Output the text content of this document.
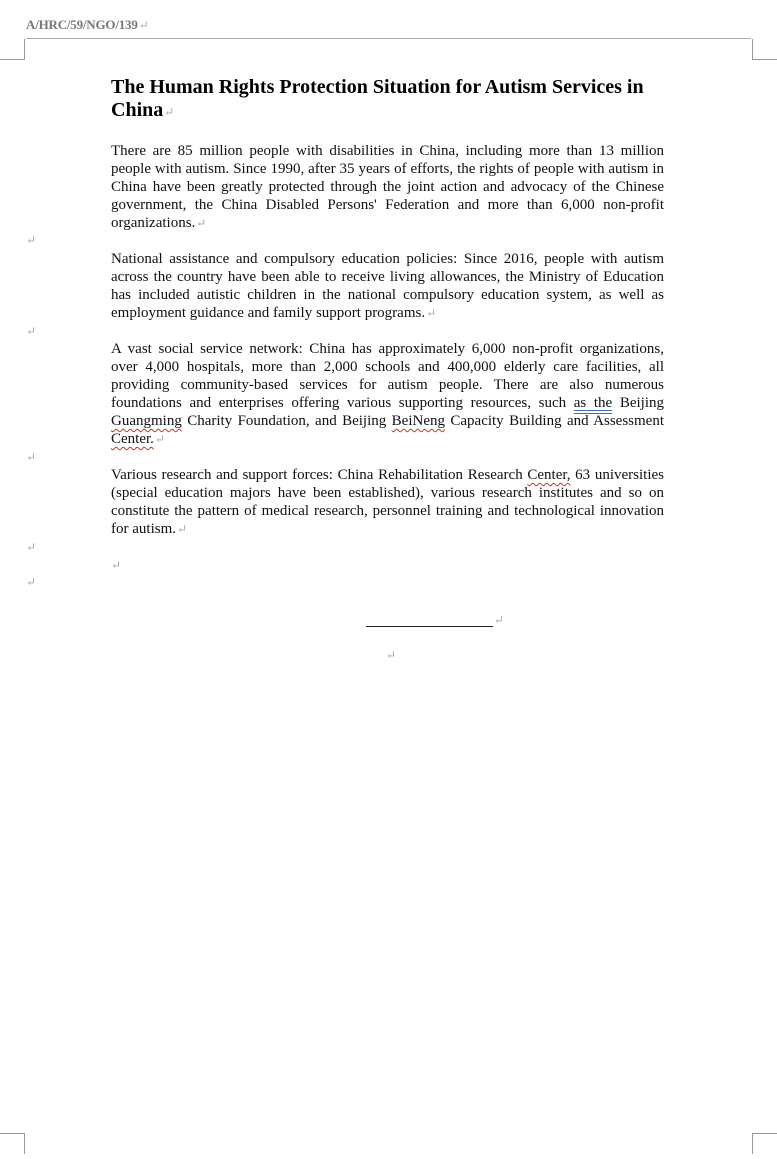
A/HRC/59/NGO/139↵
The Human Rights Protection Situation for Autism Services in China↵

There are 85 million people with disabilities in China, including more than 13 million people with autism. Since 1990, after 35 years of efforts, the rights of people with autism in China have been greatly protected through the joint action and advocacy of the Chinese government, the China Disabled Persons' Federation and more than 6,000 non-profit organizations.↵

National assistance and compulsory education policies: Since 2016, people with autism across the country have been able to receive living allowances, the Ministry of Education has included autistic children in the national compulsory education system, as well as employment guidance and family support programs.↵

A vast social service network: China has approximately 6,000 non-profit organizations, over 4,000 hospitals, more than 2,000 schools and 400,000 elderly care facilities, all providing community-based services for autism people. There are also numerous foundations and enterprises offering various supporting resources, such as the Beijing Guangming Charity Foundation, and Beijing BeiNeng Capacity Building and Assessment Center.↵

Various research and support forces: China Rehabilitation Research Center, 63 universities (special education majors have been established), various research institutes and so on constitute the pattern of medical research, personnel training and technological innovation for autism.↵

↵
↵
↵
↵
↵
↵
↵
↵
